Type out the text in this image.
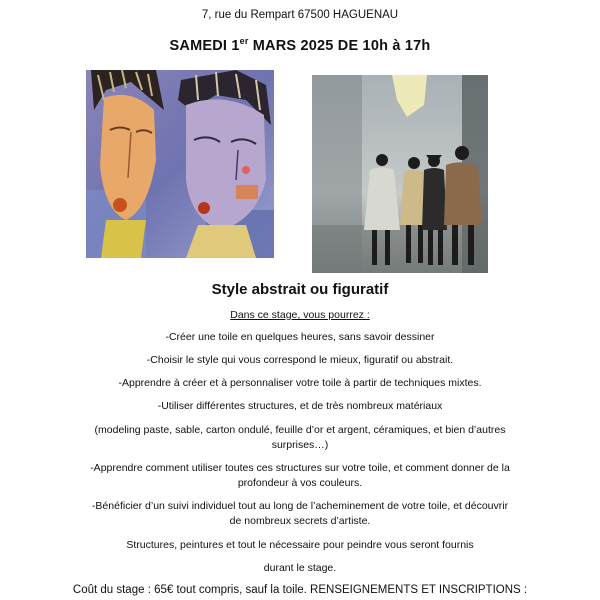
7, rue du Rempart 67500 HAGUENAU
SAMEDI 1er MARS 2025 DE 10h à 17h
Style abstrait ou figuratif
Dans ce stage, vous pourrez :
-Créer une toile en quelques heures, sans savoir dessiner
-Choisir le style qui vous correspond le mieux, figuratif ou abstrait.
-Apprendre à créer et à personnaliser votre toile à partir de techniques mixtes.
-Utiliser différentes structures, et de très nombreux matériaux
(modeling paste, sable, carton ondulé, feuille d’or et argent, céramiques, et bien d’autres
surprises…)
-Apprendre comment utiliser toutes ces structures sur votre toile, et comment donner de la
profondeur à vos couleurs.
-Bénéficier d’un suivi individuel tout au long de l’acheminement de votre toile, et découvrir
de nombreux secrets d’artiste.
Structures, peintures et tout le nécessaire pour peindre vous seront fournis
durant le stage.
Coût du stage : 65€ tout compris, sauf la toile. RENSEIGNEMENTS ET INSCRIPTIONS :
